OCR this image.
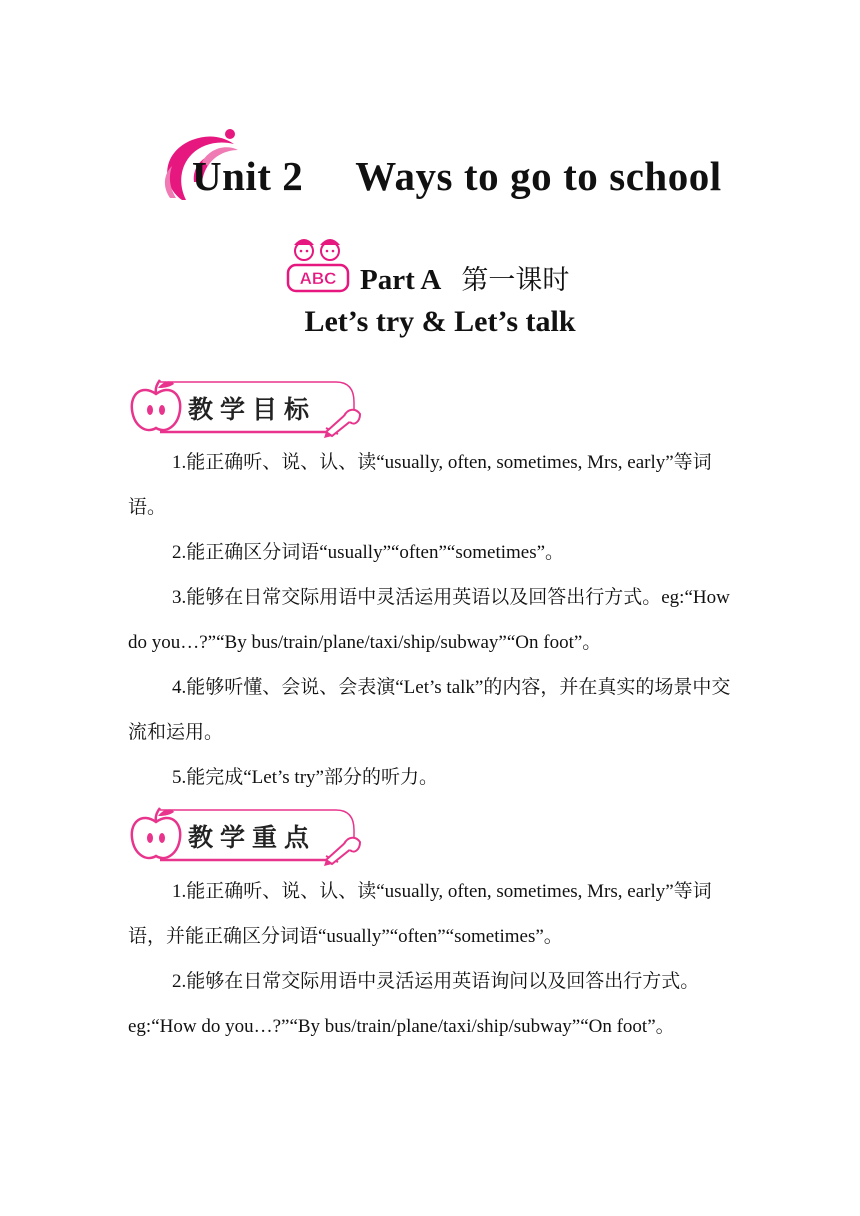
Unit 2 Ways to go to school
ABC Part A 第一课时
Let’s try & Let’s talk
教学目标

1.能正确听、说、认、读“usually, often, sometimes, Mrs, early”等词语。

2.能正确区分词语“usually”“often”“sometimes”。

3.能够在日常交际用语中灵活运用英语以及回答出行方式。eg:“How do you…?”“By bus/train/plane/taxi/ship/subway”“On foot”。

4.能够听懂、会说、会表演“Let’s talk”的内容，并在真实的场景中交流和运用。

5.能完成“Let’s try”部分的听力。

教学重点

1.能正确听、说、认、读“usually, often, sometimes, Mrs, early”等词语，并能正确区分词语“usually”“often”“sometimes”。

2.能够在日常交际用语中灵活运用英语询问以及回答出行方式。eg:“How do you…?”“By bus/train/plane/taxi/ship/subway”“On foot”。
